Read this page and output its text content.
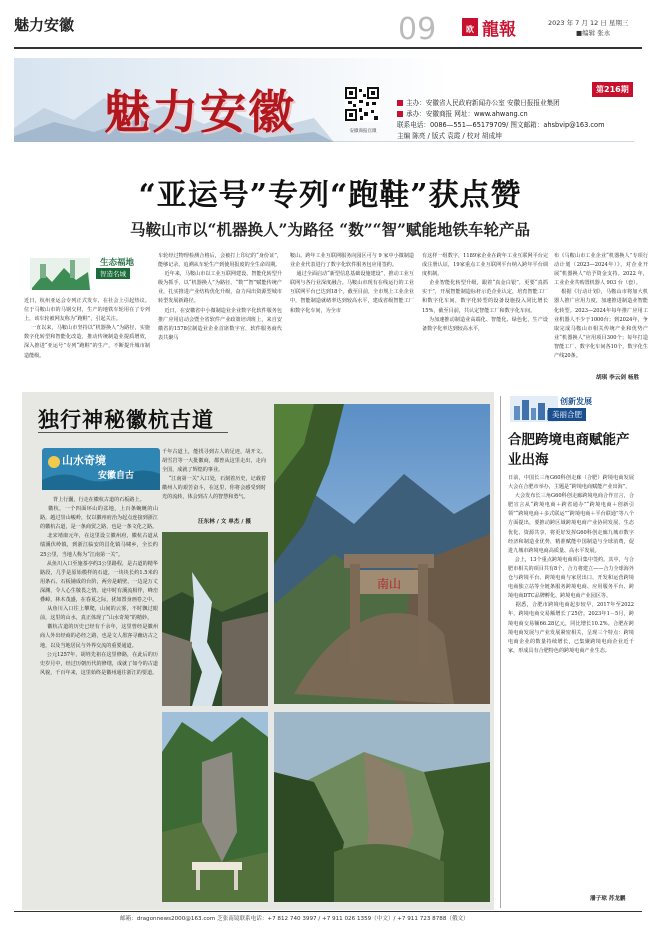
魅力安徽	09	欧 龍報	2023 年 7 月 12 日 星期三
■编辑 张永
魅力安徽	安徽商报官微
第216期
主办：安徽省人民政府新闻办公室 安徽日报报业集团
承办：安徽商报 网址：www.ahwang.cn
联系电话：0086—551—65179709/ 图文邮箱：ahsbvip@163.com
主编 陈亮 / 版式 袁霞 / 校对 胡成坤
“亚运号”专列“跑鞋”获点赞
马鞍山市以“机器换人”为路径 “数”“智”赋能地铁车轮产品
生态福地
智造名城
近日，杭州亚运会专列正式发车，在社会上引起热议。位于马鞍山市的马钢交材，生产的地铁车轮用在了专列上，该车轮被网友称为“跑鞋”，引起关注。
一直以来，马鞍山市坚持以“机器换人”为路径，实施数字化转型和智能化改造，推动传统制造业提质增效，深入推进“亚运号”专列“跑鞋”的生产，不断提升城市制造能级。
车轮经过物理检测合格后，会被打上印记的“身份证”，能够记录、追溯从车轮生产到使用报废的全生命周期。
近年来，马鞍山市以工业互联网建设、智能化转型升级为抓手，以“机器换人”为路径，“数”“智”赋能传统产业，扎实推进产业结构优化升级，奋力闯出资源型城市转型发展新路径。
近日，在安徽省中小微制造业企业数字化软件服务包推广应用启动会暨全省软件产业政策培训班上，来自安徽省的1578位制造业企业首席数字官，软件服务商代表共聚马
鞍山。跨年工业互联网服务向园区可与 9 家中小微制造业企业代表进行了数字化软件服务包应用签约。
通过全面启动“新型信息基础设施建设”，推动工业互联网与各行业深度融合。马鞍山市现有在线运行的工业互联网平台已达到18个。截至目前，全市规上工业企业中，智能制造就绪率达到较高水平，建成省级智能工厂和数字化车间，为全市
有这样一组数字，1189家企业在跨年工业互联网平台完成注册认证，19家重点工业互联网平台纳入跨年平台调度机制。
企业智能化转型升级，跟着“真金白银”，更要“真抓实干”，开展智能制造标杆示范企业认定，培育智能工厂和数字化车间，数字化转型的设备设施投入同比增长15%，截至目前，共认定智能工厂和数字化车间。
为加速推动制造业高端化、智能化、绿色化，生产设备数字化率达到较高水平，
布《马鞍山市工业企业“机器换人”专项行动计划（2023—2024年）》，对企业开展“机器换人”给予资金支持。2022 年，工业企业共购置机器人 903 台（套）。
根据《行动计划》，马鞍山市将加大机器人推广应用力度，加速推进制造业智能化转型。2023—2024年每年推广应用工业机器人不少于1000台；到2024年，争取完成马鞍山市相关传统产业和优势产业“机器换人”应用项目300个；每年打造智能工厂、数字化车间各10个，数字化生产线20条。
胡琪 李云剑 杨胜
独行神秘徽杭古道
山水奇境
安徽自古
背上行囊，行走在徽杭古道的石板路上。
徽杭，一个四面环山的盆地，上百条蜿蜒的山路，越过崇山峻岭，仅以徽州府治为起点连接到浙江的徽杭古道，是一条商贸之路，也是一条文化之路。
北宋靖康元年，在这里设立徽州府，徽杭古道从绩溪伏岭镇，到浙江临安的昌化镇马啸乡，全长约25公里，当地人称为“江南第一关”。
从鱼川入口至施茶亭约3公里路程，是古道的精华路段，几乎是原始模样的石道，一块块长约1.5米的用条石、石板铺成的台阶，两旁是峭壁，一边是万丈深渊，令人心生敬畏之情。途中时有溪流相伴，峰峦叠嶂，林木茂盛，在春夏之际，犹如置身画卷之中。
从鱼川入口往上攀爬，山间的云雾，不时飘过眼前，这里的山水，真正体现了“山水奇境”的精妙。
徽杭古道的历史已经有千余年，这里曾经是徽州商人外出经商的必经之路，也是文人墨客寻幽访古之地，以及当地居民与外界交流的重要通道。
公元1257年，胡姓先祖在这里修路，在此后的历史岁月中，经过历朝历代的修缮，成就了如今的古道风貌，千百年来，这里始终是徽州通往浙江的要道。
千年古道上，能找寻到古人的足迹，胡开文、胡雪岩等一大批徽商，都曾从这里走出，走向全国，成就了辉煌的事业。
“江南第一关”入口处，石刻着历史，记载着徽州人的艰苦奋斗，在这里，你将会感受到时光的流转，体会到古人的智慧和勇气。
汪东林 / 文 单杰 / 摄
南山
创新发展
美丽合肥
合肥跨境电商赋能产业出海
日前，中国长三角G60科创走廊（合肥）跨境电商发展大会在合肥市举办，主题是“跨境电商赋能产业出海”。
大会发布长三角G60科创走廊跨境电商合作宣言，合肥宣言从“跨境电商＋跨省通办”“跨境电商＋创新引领”“跨境电商＋多式联运”“跨境电商＋平台联通”等八个方面提出，要推动跨区域跨境电商产业协同发展、生态优化、资源共享，将更好发挥G60科创走廊九城市数字经济和制造业优势，精准赋能中国制造与全球消费，促进九城市跨境电商高质量、高水平发展。
会上，13个重点跨境电商项目集中签约。其中，与合肥市相关的项目共有8个，合力将建立——合力全球海外仓与跨境平台、跨境电商与家居出口、开发和运营跨境电商独立站等全链条服务跨境电商、应用服务平台、跨境电商DTC品牌孵化、跨境电商产业园区等。
据悉，合肥市跨境电商起步较早，2017年至2022年，跨境电商交易额增长了25倍。2023年1－5月，跨境电商交易额66.28亿元，同比增长10.2%。合肥在跨境电商发展与产业发展紧密相关，呈现三个特点：跨境电商企业的数量持续增长，已集聚跨境电商企业近千家，形成具有合肥特色的跨境电商产业生态。
潘子琼 苏龙鹏
邮箱：dragonnews2000@163.com 芝张南镜联系电话：+7 812 740 3997 / +7 911 026 1359（中文）/ +7 911 723 8788（俄文）
